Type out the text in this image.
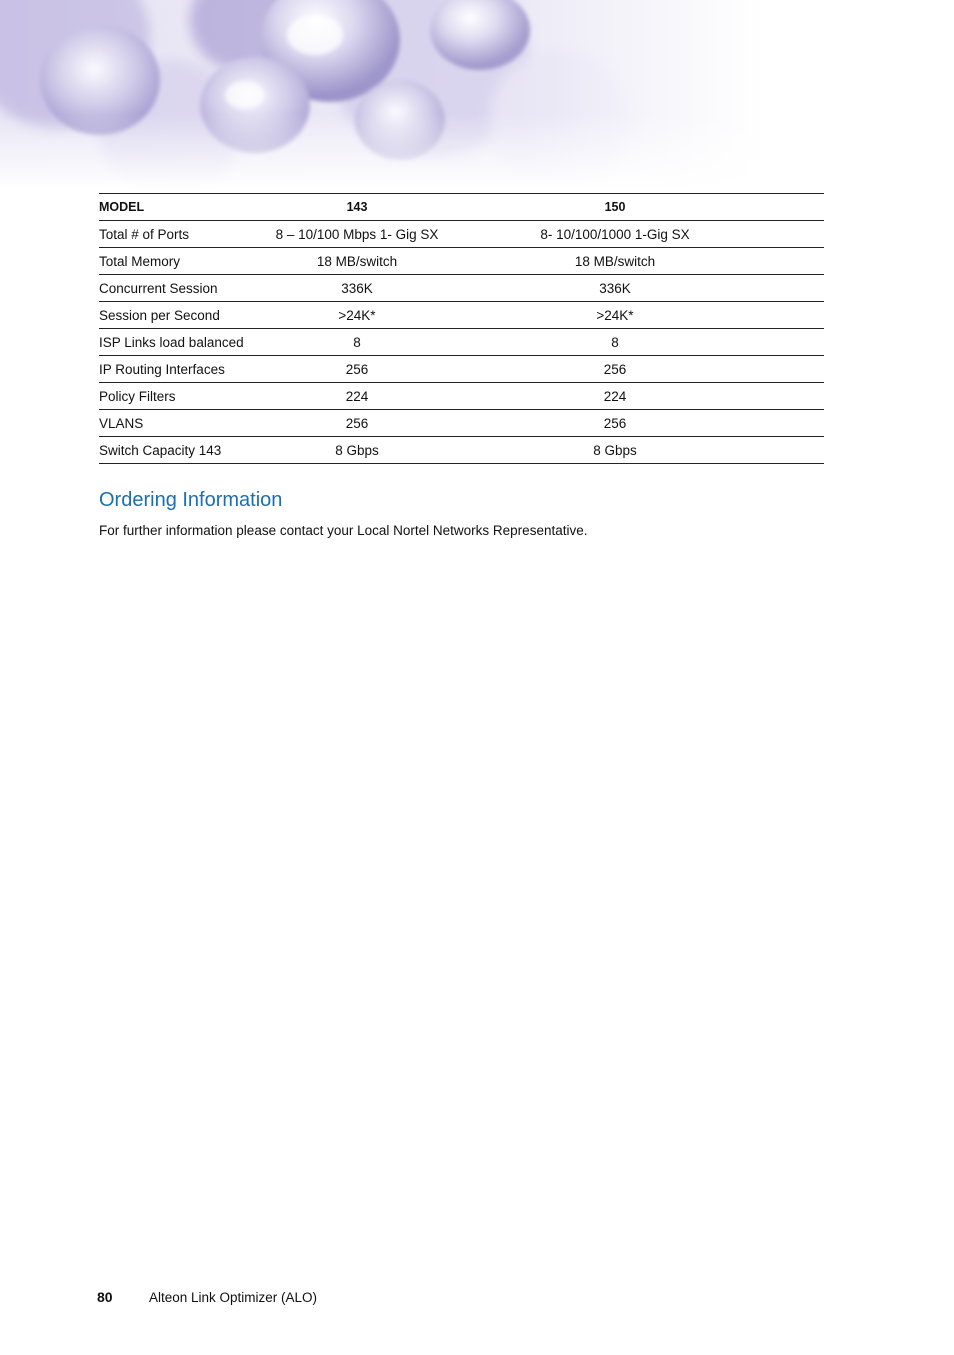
MODEL	143	150	
Total # of Ports	8 – 10/100 Mbps 1- Gig SX	8- 10/100/1000 1-Gig SX	
Total Memory	18 MB/switch	18 MB/switch	
Concurrent Session	336K	336K	
Session per Second	>24K*	>24K*	
ISP Links load balanced	8	8	
IP Routing Interfaces	256	256	
Policy Filters	224	224	
VLANS	256	256	
Switch Capacity 143	8 Gbps	8 Gbps	
Ordering Information

For further information please contact your Local Nortel Networks Representative.

80	Alteon Link Optimizer (ALO)
